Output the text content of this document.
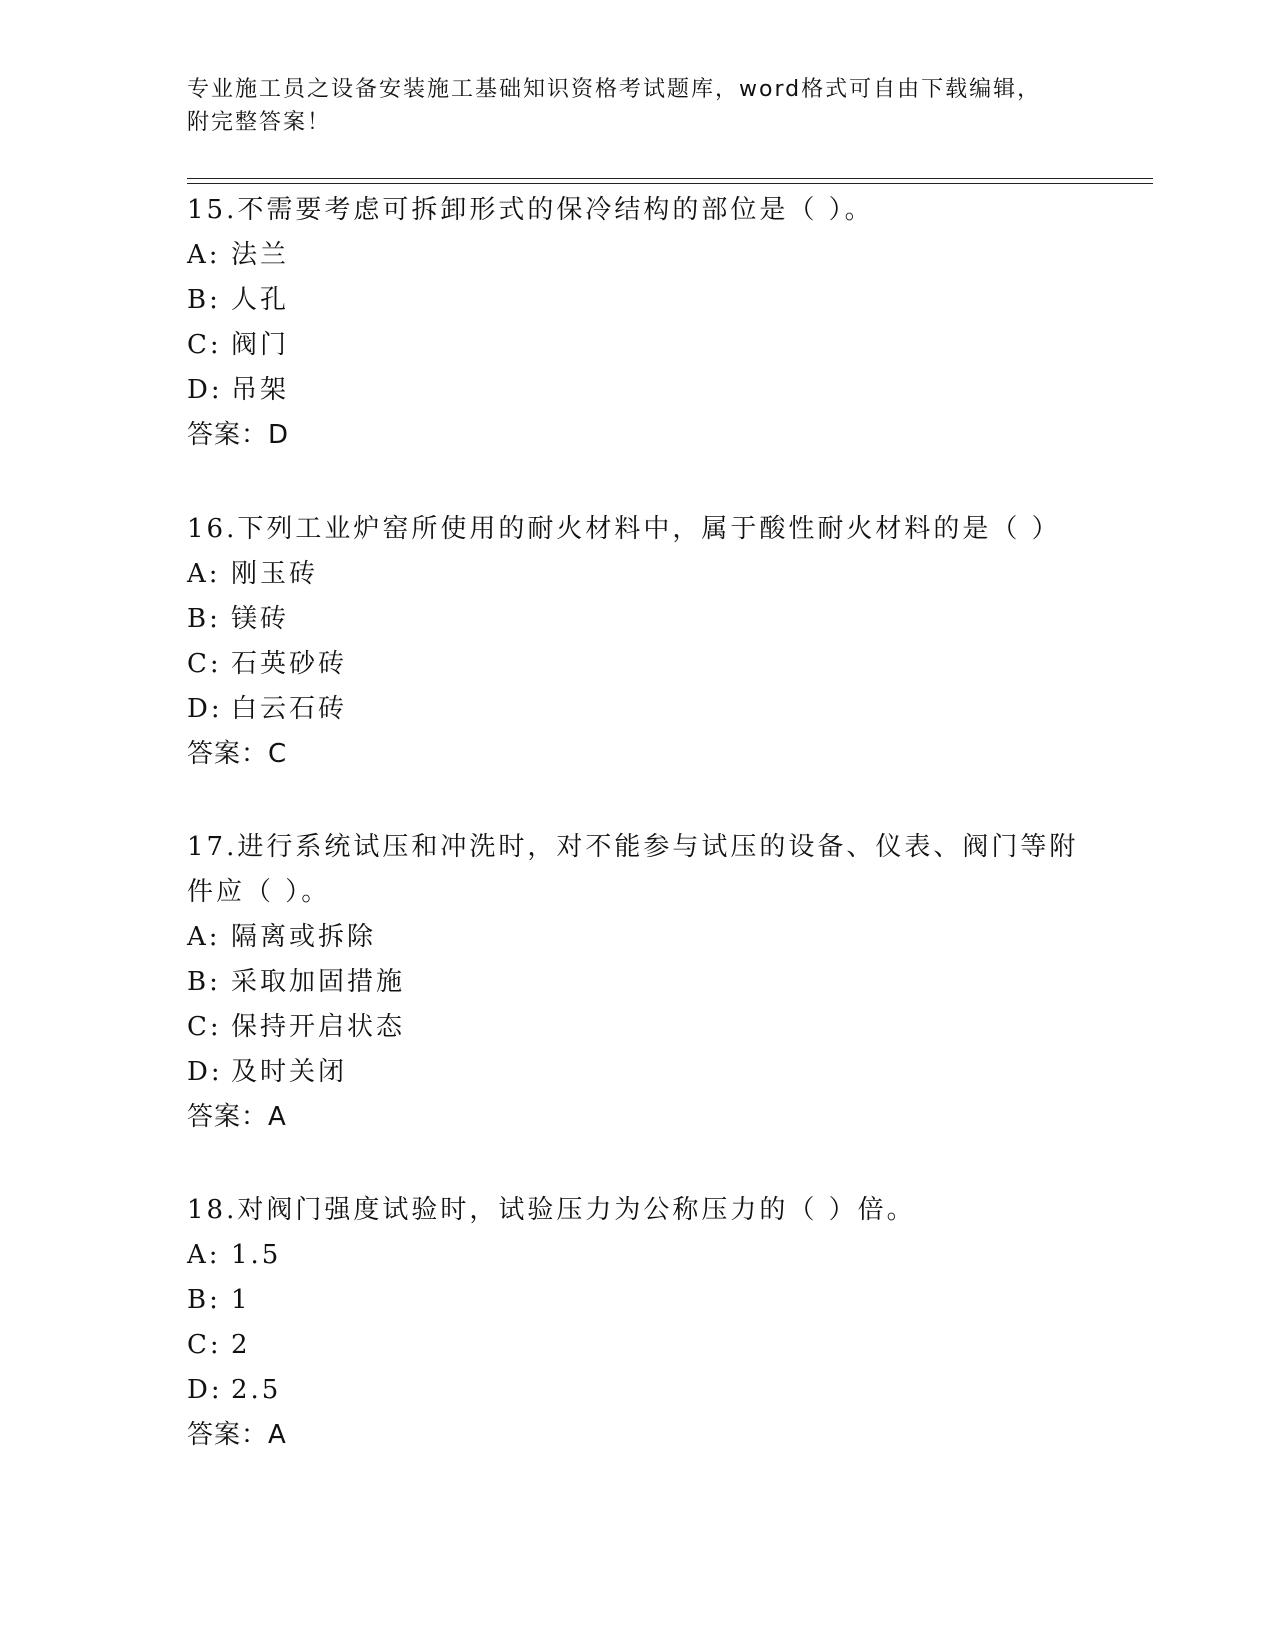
专业施工员之设备安装施工基础知识资格考试题库，word格式可自由下载编辑，
附完整答案！

15.不需要考虑可拆卸形式的保冷结构的部位是（ ）。

A: 法兰

B: 人孔

C: 阀门

D: 吊架

答案：D

16.下列工业炉窑所使用的耐火材料中，属于酸性耐火材料的是（ ）

A: 刚玉砖

B: 镁砖

C: 石英砂砖

D: 白云石砖

答案：C

17.进行系统试压和冲洗时，对不能参与试压的设备、仪表、阀门等附件应（ ）。

A: 隔离或拆除

B: 采取加固措施

C: 保持开启状态

D: 及时关闭

答案：A

18.对阀门强度试验时，试验压力为公称压力的（ ）倍。

A: 1.5

B: 1

C: 2

D: 2.5

答案：A
